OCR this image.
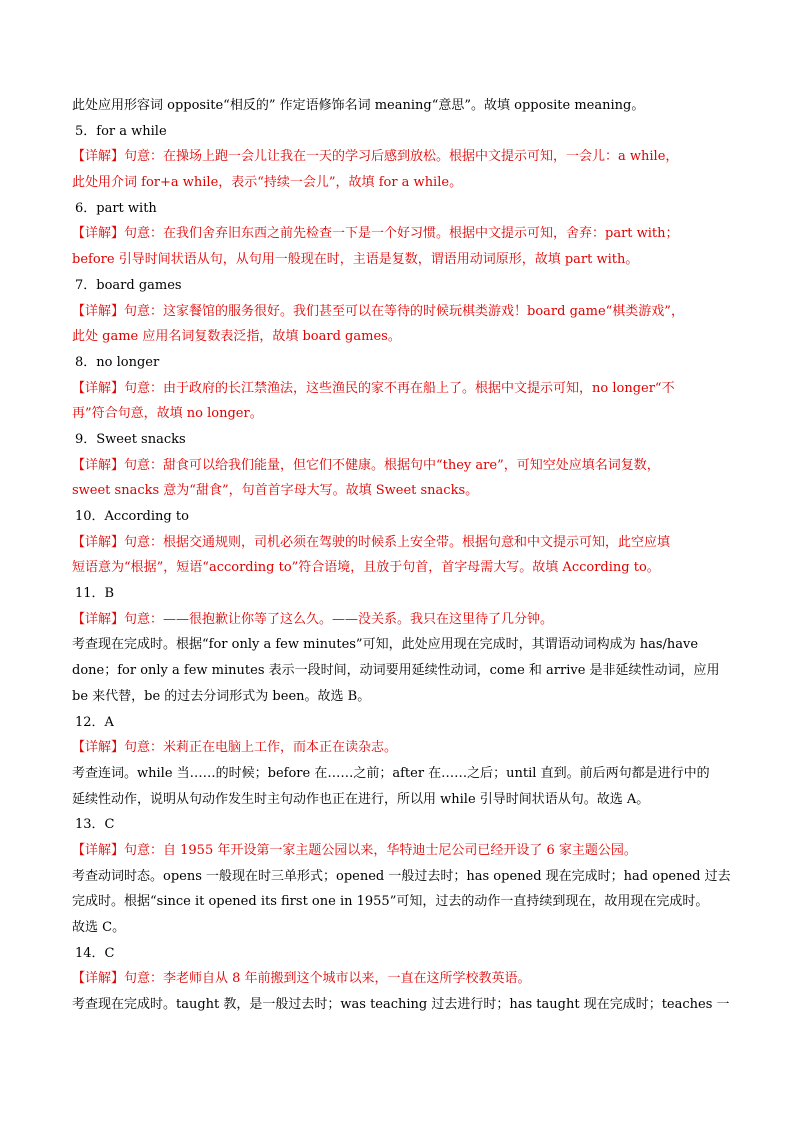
此处应用形容词 opposite“相反的” 作定语修饰名词 meaning“意思”。故填 opposite meaning。
5．for a while
【详解】句意：在操场上跑一会儿让我在一天的学习后感到放松。根据中文提示可知，一会儿：a while，
此处用介词 for+a while，表示“持续一会儿”，故填 for a while。
6．part with
【详解】句意：在我们舍弃旧东西之前先检查一下是一个好习惯。根据中文提示可知，舍弃：part with；
before 引导时间状语从句，从句用一般现在时，主语是复数，谓语用动词原形，故填 part with。
7．board games
【详解】句意：这家餐馆的服务很好。我们甚至可以在等待的时候玩棋类游戏！board game“棋类游戏”，
此处 game 应用名词复数表泛指，故填 board games。
8．no longer
【详解】句意：由于政府的长江禁渔法，这些渔民的家不再在船上了。根据中文提示可知，no longer“不
再”符合句意，故填 no longer。
9．Sweet snacks
【详解】句意：甜食可以给我们能量，但它们不健康。根据句中“they are”，可知空处应填名词复数，
sweet snacks 意为“甜食”，句首首字母大写。故填 Sweet snacks。
10．According to
【详解】句意：根据交通规则，司机必须在驾驶的时候系上安全带。根据句意和中文提示可知，此空应填
短语意为“根据”，短语“according to”符合语境，且放于句首，首字母需大写。故填 According to。
11．B
【详解】句意：——很抱歉让你等了这么久。——没关系。我只在这里待了几分钟。
考查现在完成时。根据“for only a few minutes”可知，此处应用现在完成时，其谓语动词构成为 has/have
done；for only a few minutes 表示一段时间，动词要用延续性动词，come 和 arrive 是非延续性动词，应用
be 来代替，be 的过去分词形式为 been。故选 B。
12．A
【详解】句意：米莉正在电脑上工作，而本正在读杂志。
考查连词。while 当……的时候；before 在……之前；after 在……之后；until 直到。前后两句都是进行中的
延续性动作，说明从句动作发生时主句动作也正在进行，所以用 while 引导时间状语从句。故选 A。
13．C
【详解】句意：自 1955 年开设第一家主题公园以来，华特迪士尼公司已经开设了 6 家主题公园。
考查动词时态。opens 一般现在时三单形式；opened 一般过去时；has opened 现在完成时；had opened 过去
完成时。根据“since it opened its first one in 1955”可知，过去的动作一直持续到现在，故用现在完成时。
故选 C。
14．C
【详解】句意：李老师自从 8 年前搬到这个城市以来，一直在这所学校教英语。
考查现在完成时。taught 教，是一般过去时；was teaching 过去进行时；has taught 现在完成时；teaches 一
